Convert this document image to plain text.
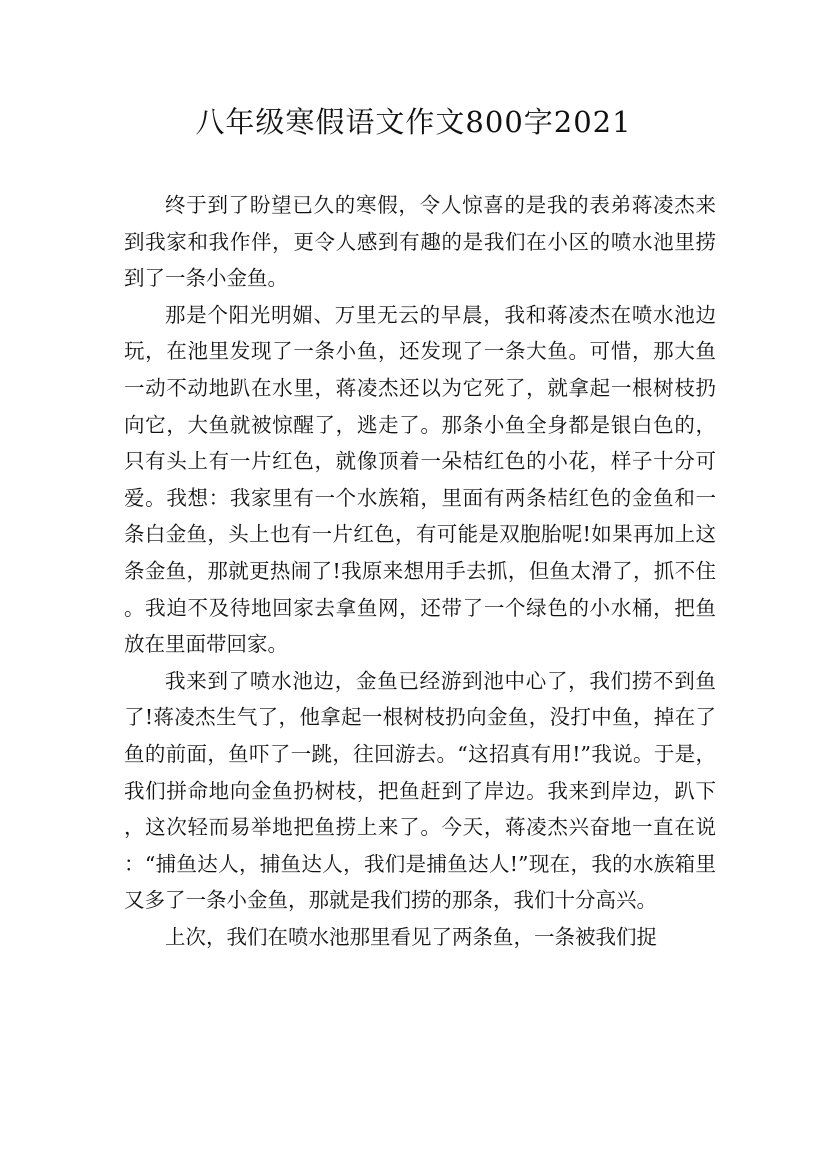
八年级寒假语文作文800字2021

终于到了盼望已久的寒假，令人惊喜的是我的表弟蒋凌杰来到我家和我作伴，更令人感到有趣的是我们在小区的喷水池里捞到了一条小金鱼。

那是个阳光明媚、万里无云的早晨，我和蒋凌杰在喷水池边玩，在池里发现了一条小鱼，还发现了一条大鱼。可惜，那大鱼一动不动地趴在水里，蒋凌杰还以为它死了，就拿起一根树枝扔向它，大鱼就被惊醒了，逃走了。那条小鱼全身都是银白色的，只有头上有一片红色，就像顶着一朵桔红色的小花，样子十分可爱。我想：我家里有一个水族箱，里面有两条桔红色的金鱼和一条白金鱼，头上也有一片红色，有可能是双胞胎呢!如果再加上这条金鱼，那就更热闹了!我原来想用手去抓，但鱼太滑了，抓不住。我迫不及待地回家去拿鱼网，还带了一个绿色的小水桶，把鱼放在里面带回家。

我来到了喷水池边，金鱼已经游到池中心了，我们捞不到鱼了!蒋凌杰生气了，他拿起一根树枝扔向金鱼，没打中鱼，掉在了鱼的前面，鱼吓了一跳，往回游去。“这招真有用!”我说。于是，我们拼命地向金鱼扔树枝，把鱼赶到了岸边。我来到岸边，趴下，这次轻而易举地把鱼捞上来了。今天，蒋凌杰兴奋地一直在说：“捕鱼达人，捕鱼达人，我们是捕鱼达人!”现在，我的水族箱里又多了一条小金鱼，那就是我们捞的那条，我们十分高兴。

上次，我们在喷水池那里看见了两条鱼，一条被我们捉
